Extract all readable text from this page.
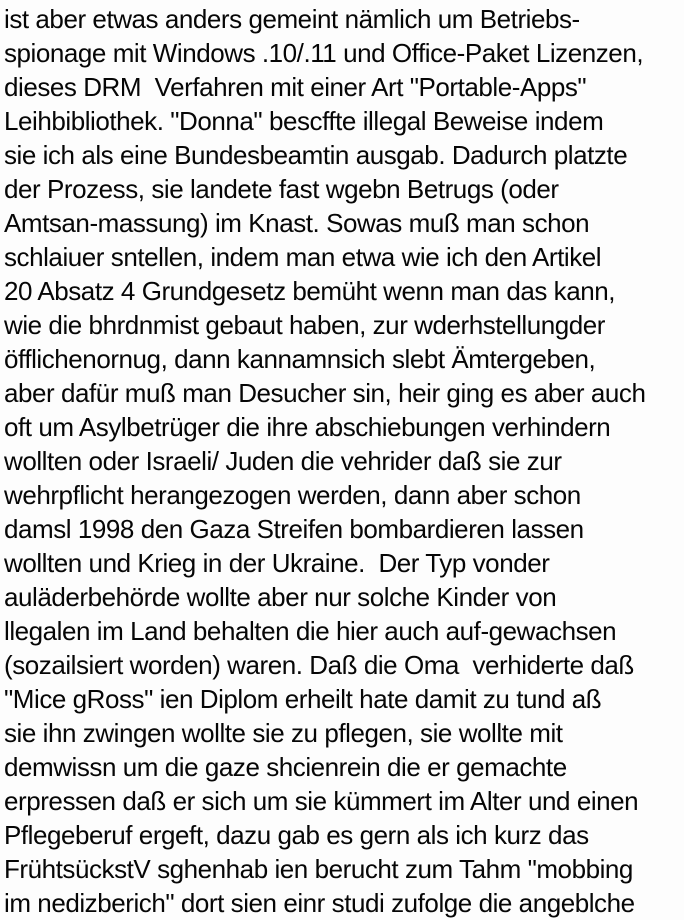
ist aber etwas anders gemeint nämlich um Betriebs-
spionage mit Windows .10/.11 und Office-Paket Lizenzen,
dieses DRM  Verfahren mit einer Art "Portable-Apps"
Leihbibliothek. "Donna" bescffte illegal Beweise indem
sie ich als eine Bundesbeamtin ausgab. Dadurch platzte
der Prozess, sie landete fast wgebn Betrugs (oder
Amtsan-massung) im Knast. Sowas muß man schon
schlaiuer sntellen, indem man etwa wie ich den Artikel
20 Absatz 4 Grundgesetz bemüht wenn man das kann,
wie die bhrdnmist gebaut haben, zur wderhstellungder
öfflichenornug, dann kannamnsich slebt Ämtergeben,
aber dafür muß man Desucher sin, heir ging es aber auch
oft um Asylbetrüger die ihre abschiebungen verhindern
wollten oder Israeli/ Juden die vehrider daß sie zur
wehrpflicht herangezogen werden, dann aber schon
damsl 1998 den Gaza Streifen bombardieren lassen
wollten und Krieg in der Ukraine.  Der Typ vonder
auläderbehörde wollte aber nur solche Kinder von
llegalen im Land behalten die hier auch auf-gewachsen
(sozailsiert worden) waren. Daß die Oma  verhiderte daß
"Mice gRoss" ien Diplom erheilt hate damit zu tund aß
sie ihn zwingen wollte sie zu pflegen, sie wollte mit
demwissn um die gaze shcienrein die er gemachte
erpressen daß er sich um sie kümmert im Alter und einen
Pflegeberuf ergeft, dazu gab es gern als ich kurz das
FrühtsückstV sghenhab ien berucht zum Tahm "mobbing
im nedizberich" dort sien einr studi zufolge die angeblche
